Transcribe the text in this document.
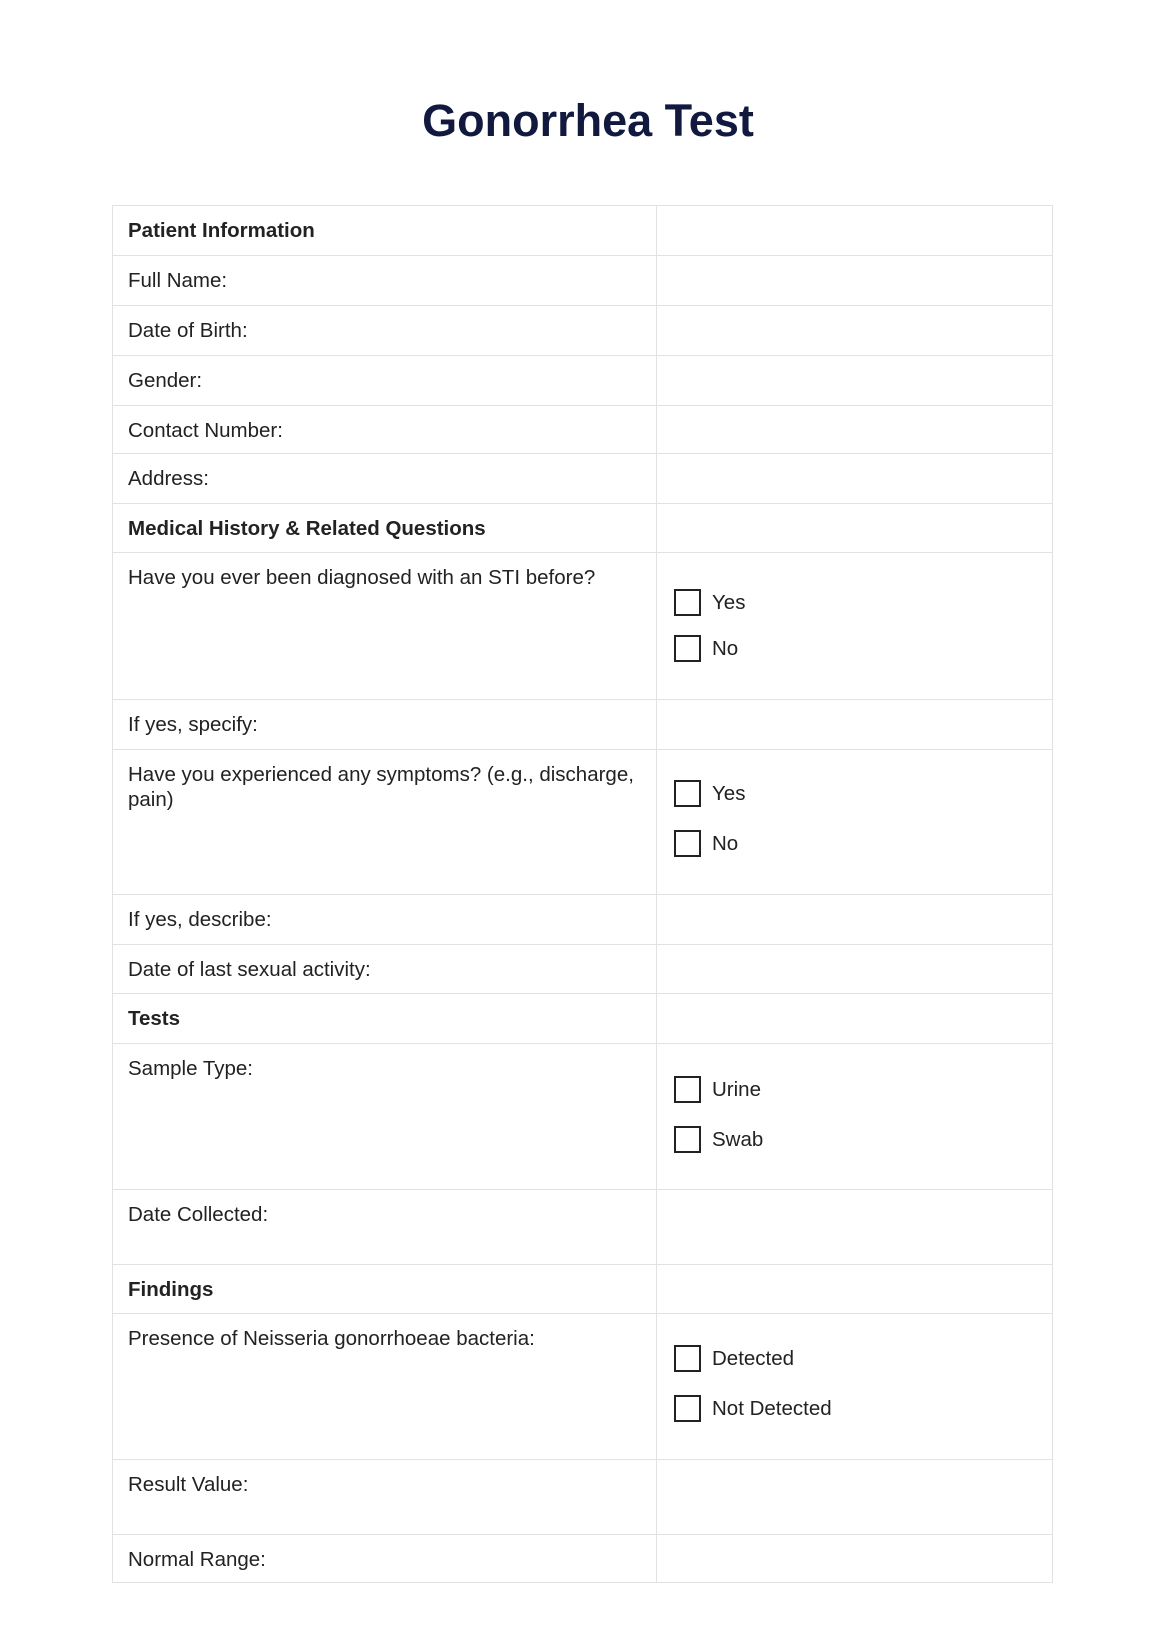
Gonorrhea Test
Patient Information
Full Name:
Date of Birth:
Gender:
Contact Number:
Address:
Medical History & Related Questions
Have you ever been diagnosed with an STI before?
Yes
No
If yes, specify:
Have you experienced any symptoms? (e.g., discharge, pain)	Yes
No
If yes, describe:
Date of last sexual activity:
Tests
Sample Type:
Urine
Swab
Date Collected:
Findings
Presence of Neisseria gonorrhoeae bacteria:
Detected
Not Detected
Result Value:
Normal Range:
